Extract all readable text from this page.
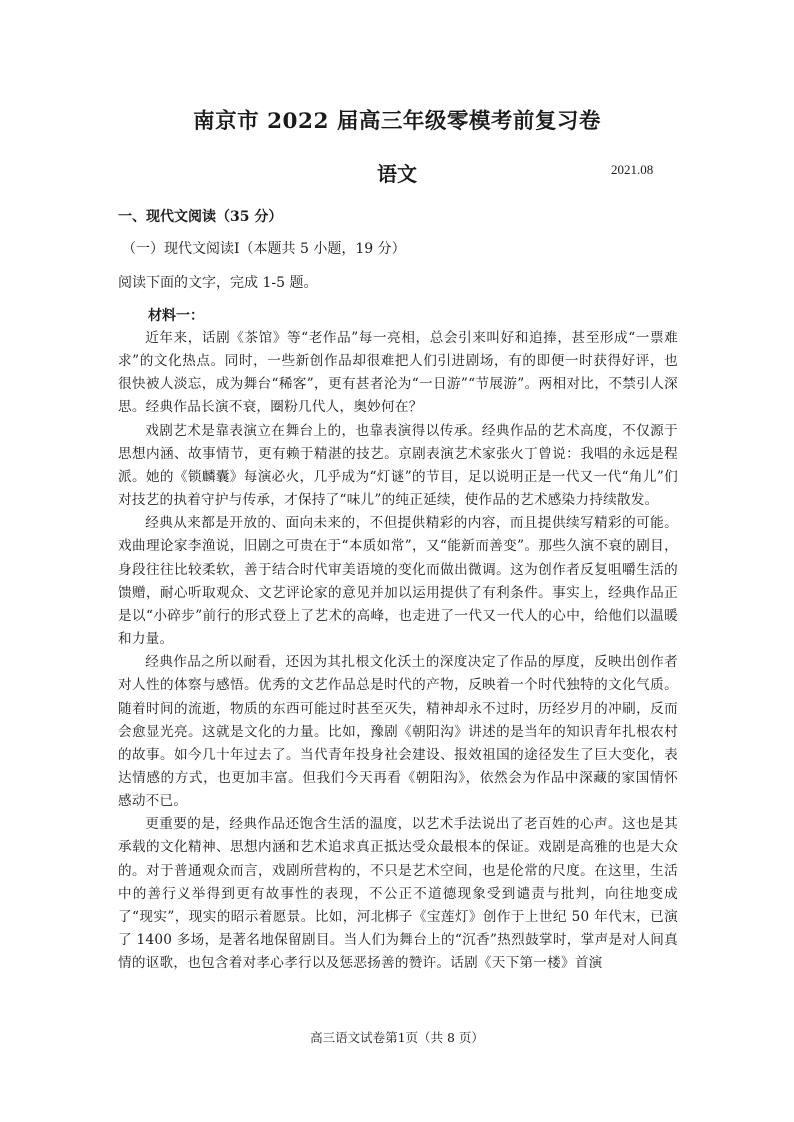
南京市 2022 届高三年级零模考前复习卷
语文	2021.08
一、现代文阅读（35 分）
（一）现代文阅读Ⅰ（本题共 5 小题，19 分）
阅读下面的文字，完成 1-5 题。
材料一：

近年来，话剧《茶馆》等“老作品”每一亮相，总会引来叫好和追捧，甚至形成“一票难求”的文化热点。同时，一些新创作品却很难把人们引进剧场，有的即便一时获得好评，也很快被人淡忘，成为舞台“稀客”，更有甚者沦为“一日游”“节展游”。两相对比，不禁引人深思。经典作品长演不衰，圈粉几代人，奥妙何在？

戏剧艺术是靠表演立在舞台上的，也靠表演得以传承。经典作品的艺术高度，不仅源于思想内涵、故事情节，更有赖于精湛的技艺。京剧表演艺术家张火丁曾说：我唱的永远是程派。她的《锁麟囊》每演必火，几乎成为“灯谜”的节目，足以说明正是一代又一代“角儿”们对技艺的执着守护与传承，才保持了“味儿”的纯正延续，使作品的艺术感染力持续散发。

经典从来都是开放的、面向未来的，不但提供精彩的内容，而且提供续写精彩的可能。戏曲理论家李渔说，旧剧之可贵在于“本质如常”，又“能新而善变”。那些久演不衰的剧目，身段往往比较柔软，善于结合时代审美语境的变化而做出微调。这为创作者反复咀嚼生活的馈赠，耐心听取观众、文艺评论家的意见并加以运用提供了有利条件。事实上，经典作品正是以“小碎步”前行的形式登上了艺术的高峰，也走进了一代又一代人的心中，给他们以温暖和力量。

经典作品之所以耐看，还因为其扎根文化沃土的深度决定了作品的厚度，反映出创作者对人性的体察与感悟。优秀的文艺作品总是时代的产物，反映着一个时代独特的文化气质。随着时间的流逝，物质的东西可能过时甚至灭失，精神却永不过时，历经岁月的冲刷，反而会愈显光亮。这就是文化的力量。比如，豫剧《朝阳沟》讲述的是当年的知识青年扎根农村的故事。如今几十年过去了。当代青年投身社会建设、报效祖国的途径发生了巨大变化，表达情感的方式，也更加丰富。但我们今天再看《朝阳沟》，依然会为作品中深藏的家国情怀感动不已。

更重要的是，经典作品还饱含生活的温度，以艺术手法说出了老百姓的心声。这也是其承载的文化精神、思想内涵和艺术追求真正抵达受众最根本的保证。戏剧是高雅的也是大众的。对于普通观众而言，戏剧所营构的，不只是艺术空间，也是伦常的尺度。在这里，生活中的善行义举得到更有故事性的表现，不公正不道德现象受到谴责与批判，向往地变成了“现实”，现实的昭示着愿景。比如，河北梆子《宝莲灯》创作于上世纪 50 年代末，已演了 1400 多场，是著名地保留剧目。当人们为舞台上的“沉香”热烈鼓掌时，掌声是对人间真情的讴歌，也包含着对孝心孝行以及惩恶扬善的赞许。话剧《天下第一楼》首演

高三语文试卷第1页（共 8 页）
